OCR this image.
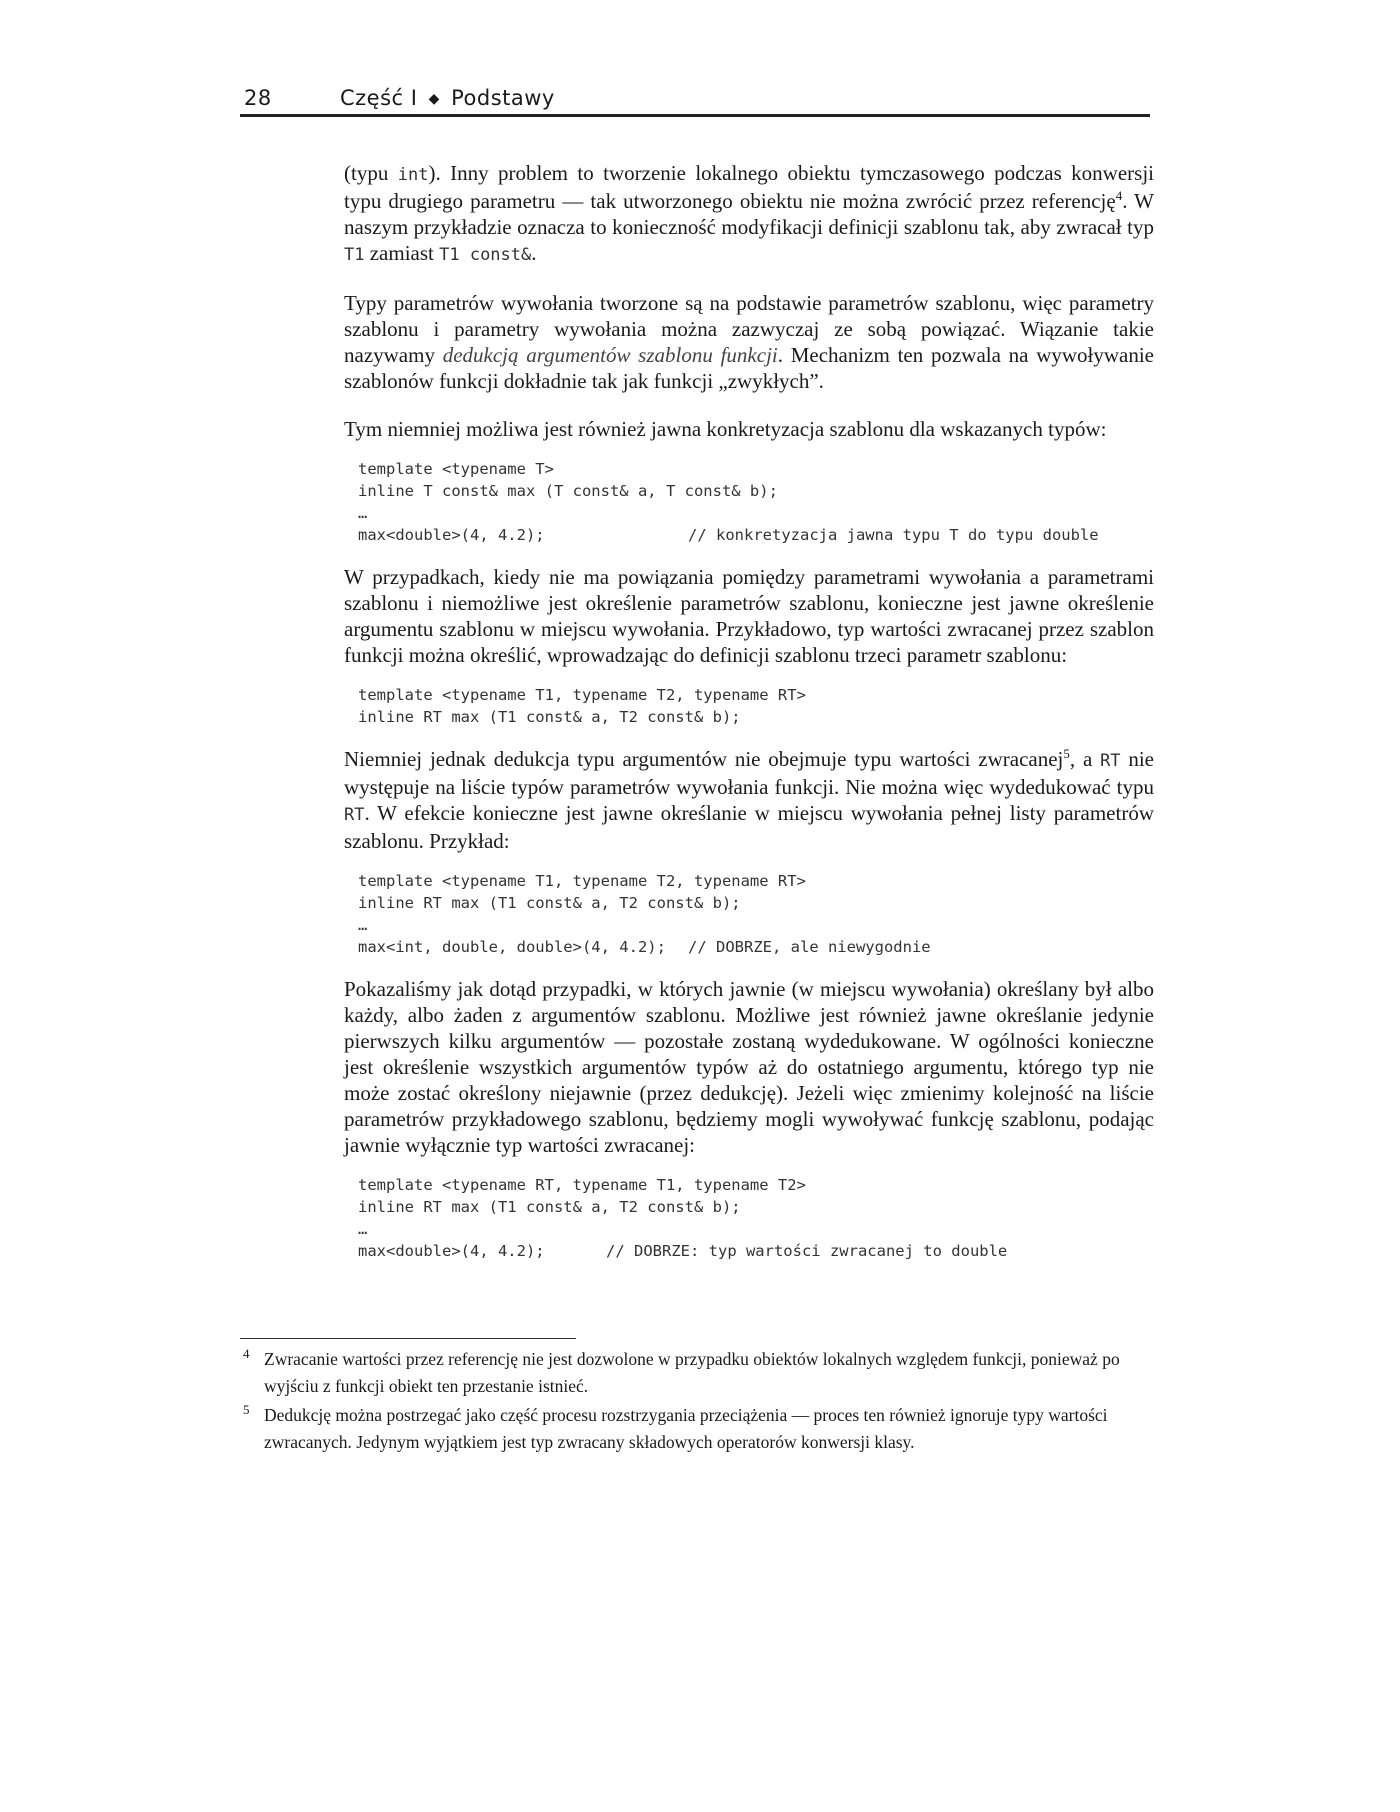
28	Część I ◆ Podstawy

(typu int). Inny problem to tworzenie lokalnego obiektu tymczasowego podczas konwersji typu drugiego parametru — tak utworzonego obiektu nie można zwrócić przez referencję$^4$. W naszym przykładzie oznacza to konieczność modyfikacji definicji szablonu tak, aby zwracał typ T1 zamiast T1 const&.

Typy parametrów wywołania tworzone są na podstawie parametrów szablonu, więc parametry szablonu i parametry wywołania można zazwyczaj ze sobą powiązać. Wiązanie takie nazywamy dedukcją argumentów szablonu funkcji. Mechanizm ten pozwala na wywoływanie szablonów funkcji dokładnie tak jak funkcji „zwykłych”.

Tym niemniej możliwa jest również jawna konkretyzacja szablonu dla wskazanych typów:

template <typename T>
inline T const& max (T const& a, T const& b);
…
max<double>(4, 4.2);	// konkretyzacja jawna typu T do typu double

W przypadkach, kiedy nie ma powiązania pomiędzy parametrami wywołania a parametrami szablonu i niemożliwe jest określenie parametrów szablonu, konieczne jest jawne określenie argumentu szablonu w miejscu wywołania. Przykładowo, typ wartości zwracanej przez szablon funkcji można określić, wprowadzając do definicji szablonu trzeci parametr szablonu:

template <typename T1, typename T2, typename RT>
inline RT max (T1 const& a, T2 const& b);

Niemniej jednak dedukcja typu argumentów nie obejmuje typu wartości zwracanej$^5$, a RT nie występuje na liście typów parametrów wywołania funkcji. Nie można więc wydedukować typu RT. W efekcie konieczne jest jawne określanie w miejscu wywołania pełnej listy parametrów szablonu. Przykład:

template <typename T1, typename T2, typename RT>
inline RT max (T1 const& a, T2 const& b);
…
max<int, double, double>(4, 4.2); // DOBRZE, ale niewygodnie

Pokazaliśmy jak dotąd przypadki, w których jawnie (w miejscu wywołania) określany był albo każdy, albo żaden z argumentów szablonu. Możliwe jest również jawne określanie jedynie pierwszych kilku argumentów — pozostałe zostaną wydedukowane. W ogólności konieczne jest określenie wszystkich argumentów typów aż do ostatniego argumentu, którego typ nie może zostać określony niejawnie (przez dedukcję). Jeżeli więc zmienimy kolejność na liście parametrów przykładowego szablonu, będziemy mogli wywoływać funkcję szablonu, podając jawnie wyłącznie typ wartości zwracanej:

template <typename RT, typename T1, typename T2>
inline RT max (T1 const& a, T2 const& b);
…
max<double>(4, 4.2);	// DOBRZE: typ wartości zwracanej to double
4 Zwracanie wartości przez referencję nie jest dozwolone w przypadku obiektów lokalnych względem funkcji, ponieważ po wyjściu z funkcji obiekt ten przestanie istnieć.
5 Dedukcję można postrzegać jako część procesu rozstrzygania przeciążenia — proces ten również ignoruje typy wartości zwracanych. Jedynym wyjątkiem jest typ zwracany składowych operatorów konwersji klasy.
